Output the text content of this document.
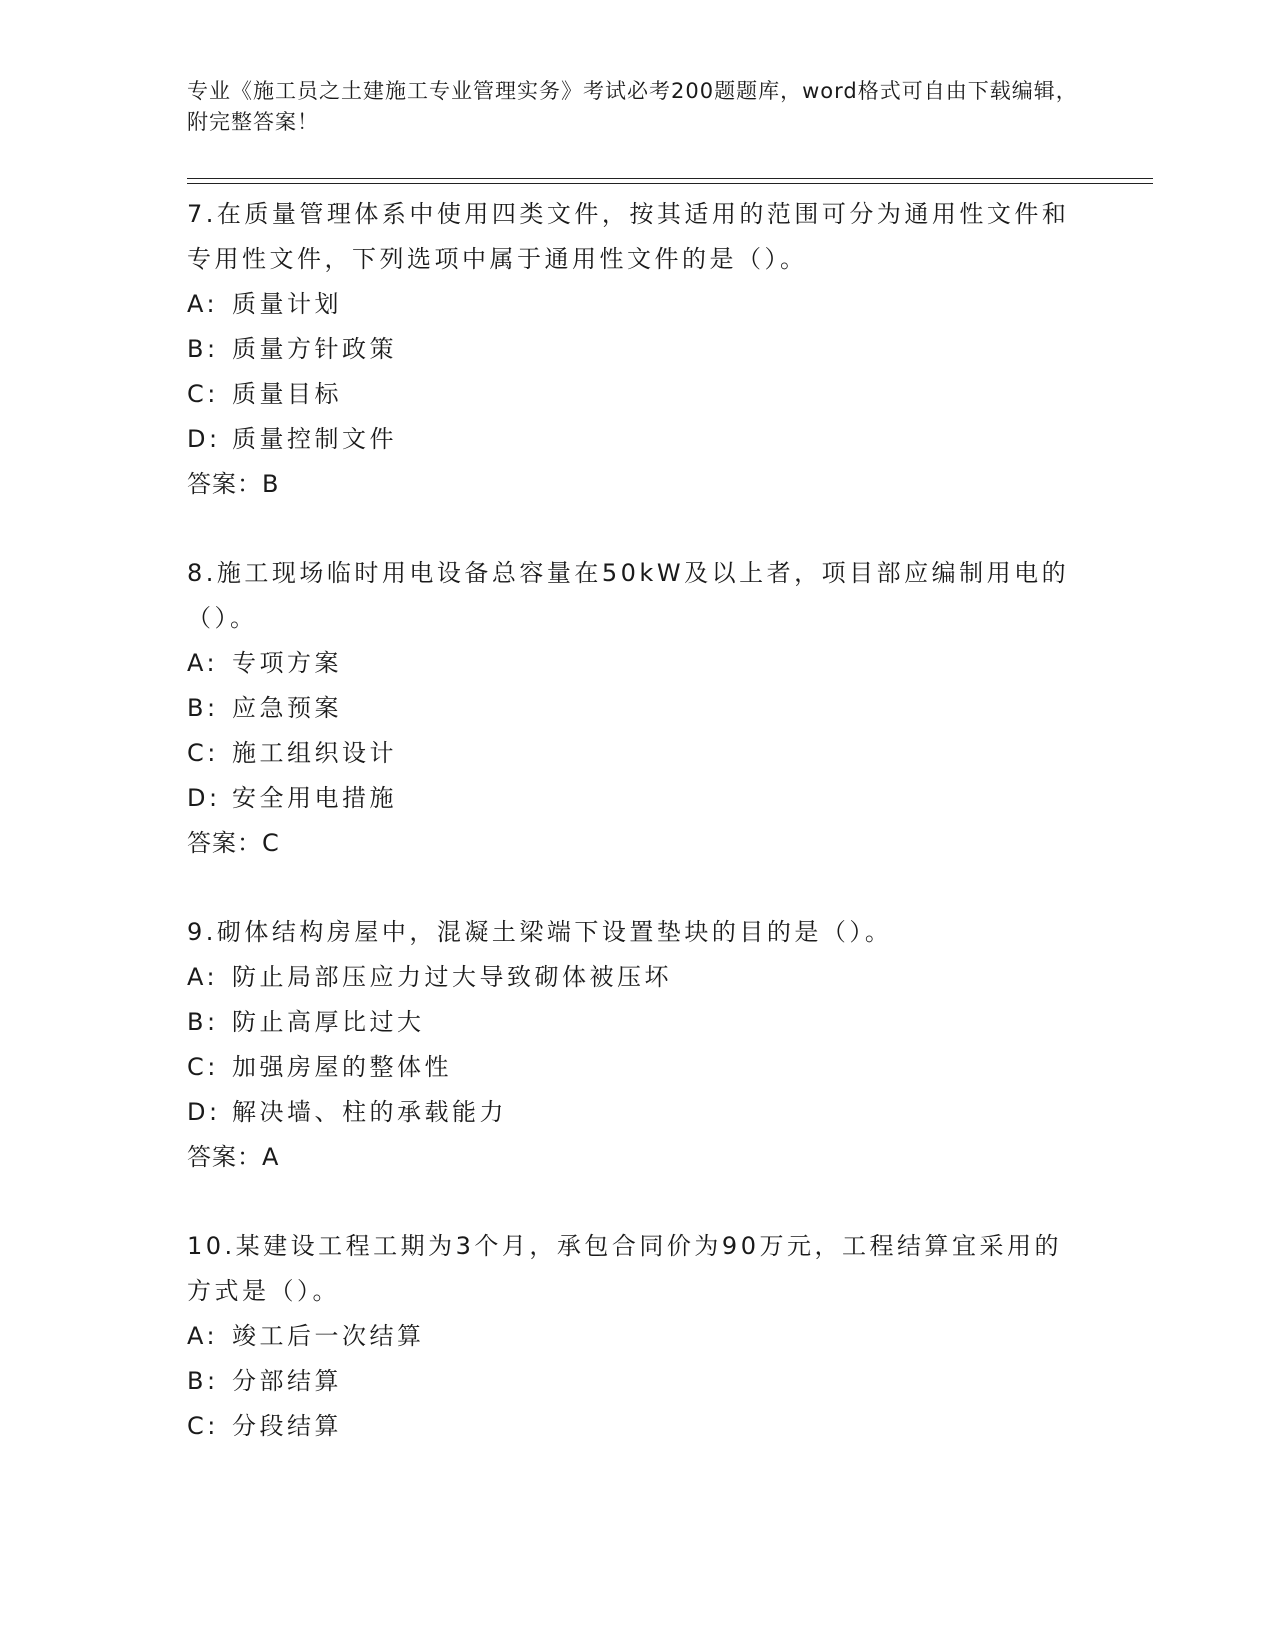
专业《施工员之土建施工专业管理实务》考试必考200题题库，word格式可自由下载编辑，附完整答案！

7.在质量管理体系中使用四类文件，按其适用的范围可分为通用性文件和专用性文件，下列选项中属于通用性文件的是（）。

A: 质量计划

B: 质量方针政策

C: 质量目标

D: 质量控制文件

答案：B

8.施工现场临时用电设备总容量在50kW及以上者，项目部应编制用电的（）。

A: 专项方案

B: 应急预案

C: 施工组织设计

D: 安全用电措施

答案：C

9.砌体结构房屋中，混凝土梁端下设置垫块的目的是（）。

A: 防止局部压应力过大导致砌体被压坏

B: 防止高厚比过大

C: 加强房屋的整体性

D: 解决墙、柱的承载能力

答案：A

10.某建设工程工期为3个月，承包合同价为90万元，工程结算宜采用的方式是（）。

A: 竣工后一次结算

B: 分部结算

C: 分段结算
